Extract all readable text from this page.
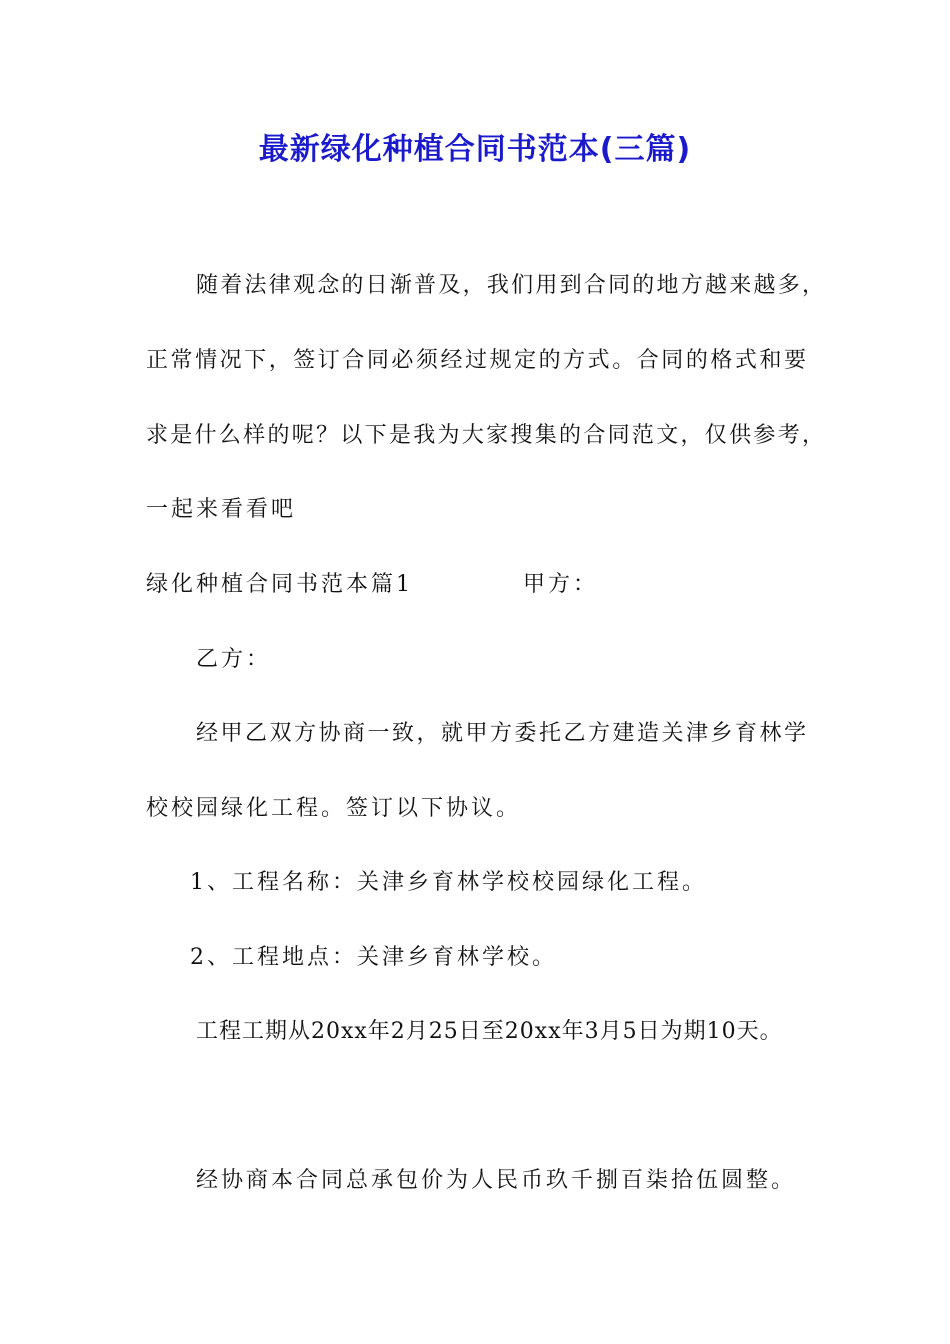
最新绿化种植合同书范本(三篇)
随着法律观念的日渐普及，我们用到合同的地方越来越多，
正常情况下，签订合同必须经过规定的方式。合同的格式和要
求是什么样的呢？以下是我为大家搜集的合同范文，仅供参考，
一起来看看吧
绿化种植合同书范本篇1	甲方：
乙方：
经甲乙双方协商一致，就甲方委托乙方建造关津乡育林学
校校园绿化工程。签订以下协议。
1、工程名称：关津乡育林学校校园绿化工程。
2、工程地点：关津乡育林学校。
工程工期从20xx年2月25日至20xx年3月5日为期10天。
经协商本合同总承包价为人民币玖千捌百柒拾伍圆整。
